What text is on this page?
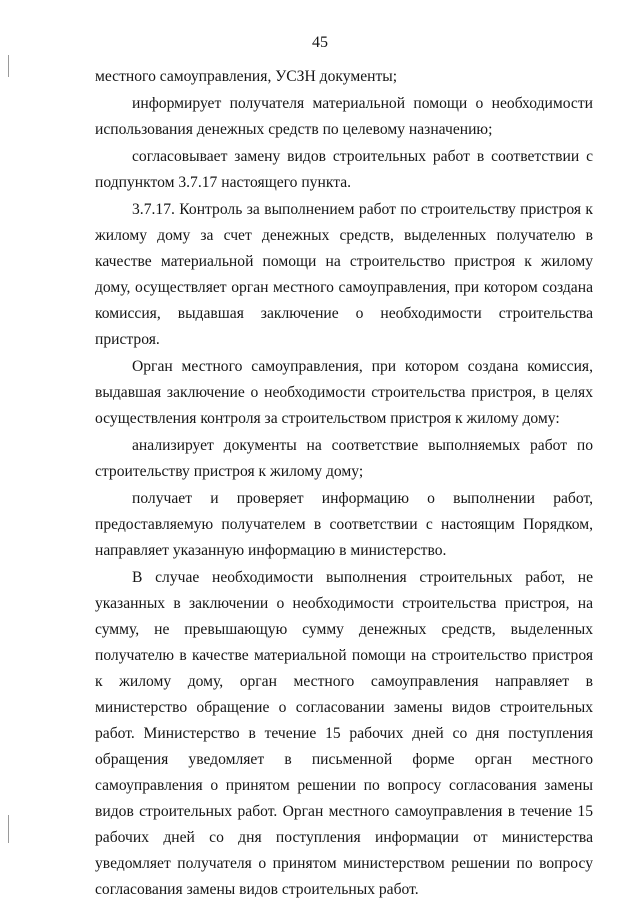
45

местного самоуправления, УСЗН документы;

информирует получателя материальной помощи о необходимости использования денежных средств по целевому назначению;

согласовывает замену видов строительных работ в соответствии с подпунктом 3.7.17 настоящего пункта.

3.7.17. Контроль за выполнением работ по строительству пристроя к жилому дому за счет денежных средств, выделенных получателю в качестве материальной помощи на строительство пристроя к жилому дому, осуществляет орган местного самоуправления, при котором создана комиссия, выдавшая заключение о необходимости строительства пристроя.

Орган местного самоуправления, при котором создана комиссия, выдавшая заключение о необходимости строительства пристроя, в целях осуществления контроля за строительством пристроя к жилому дому:

анализирует документы на соответствие выполняемых работ по строительству пристроя к жилому дому;

получает и проверяет информацию о выполнении работ, предоставляемую получателем в соответствии с настоящим Порядком, направляет указанную информацию в министерство.

В случае необходимости выполнения строительных работ, не указанных в заключении о необходимости строительства пристроя, на сумму, не превышающую сумму денежных средств, выделенных получателю в качестве материальной помощи на строительство пристроя к жилому дому, орган местного самоуправления направляет в министерство обращение о согласовании замены видов строительных работ. Министерство в течение 15 рабочих дней со дня поступления обращения уведомляет в письменной форме орган местного самоуправления о принятом решении по вопросу согласования замены видов строительных работ. Орган местного самоуправления в течение 15 рабочих дней со дня поступления информации от министерства уведомляет получателя о принятом министерством решении по вопросу согласования замены видов строительных работ.
